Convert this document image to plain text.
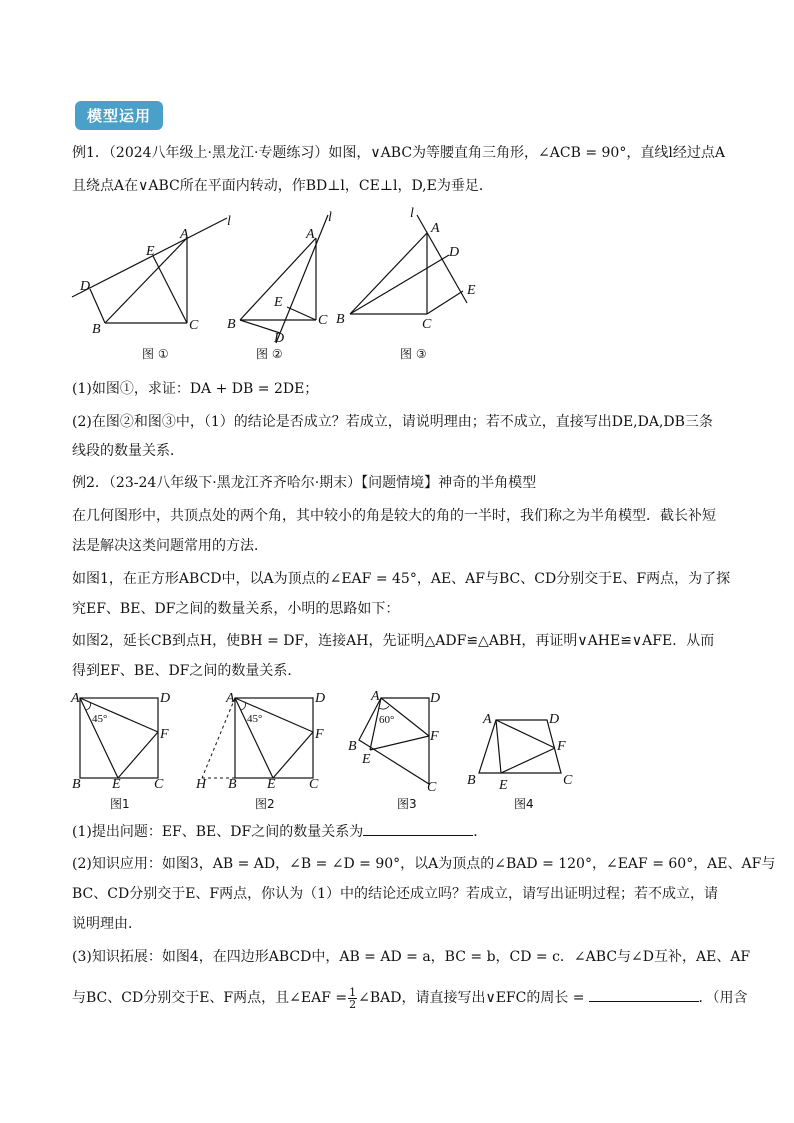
模型运用
例1．（2024八年级上·黑龙江·专题练习）如图，∨ABC为等腰直角三角形，∠ACB = 90°，直线l经过点A
且绕点A在∨ABC所在平面内转动，作BD⊥l，CE⊥l，D,E为垂足．
l
A
E
D
B	C
图 ①
l
A
E
B	C
D
图 ②
l
A
D
E
B	C
图 ③
(1)如图①，求证：DA + DB = 2DE；
(2)在图②和图③中，（1）的结论是否成立？若成立，请说明理由；若不成立，直接写出DE,DA,DB三条
线段的数量关系．
例2．（23-24八年级下·黑龙江齐齐哈尔·期末）【问题情境】神奇的半角模型
在几何图形中，共顶点处的两个角，其中较小的角是较大的角的一半时，我们称之为半角模型．截长补短
法是解决这类问题常用的方法．
如图1，在正方形ABCD中，以A为顶点的∠EAF = 45°，AE、AF与BC、CD分别交于E、F两点，为了探
究EF、BE、DF之间的数量关系，小明的思路如下：
如图2，延长CB到点H，使BH = DF，连接AH，先证明△ADF≌△ABH，再证明∨AHE≌∨AFE．从而
得到EF、BE、DF之间的数量关系．
45°
A	D
F
B E C
图1
45°
A	D
F
H B E C
图2
60°
A	D
F
B
E
C
图3
A	D
F
B E	C
图4
(1)提出问题：EF、BE、DF之间的数量关系为	．
(2)知识应用：如图3，AB = AD，∠B = ∠D = 90°，以A为顶点的∠BAD = 120°，∠EAF = 60°，AE、AF与
BC、CD分别交于E、F两点，你认为（1）中的结论还成立吗？若成立，请写出证明过程；若不成立，请
说明理由．
(3)知识拓展：如图4，在四边形ABCD中，AB = AD = a，BC = b，CD = c．∠ABC与∠D互补，AE、AF
与BC、CD分别交于E、F两点，且∠EAF = $\frac{1}{2}$ ∠BAD，请直接写出∨EFC的周长 =	．（用含
